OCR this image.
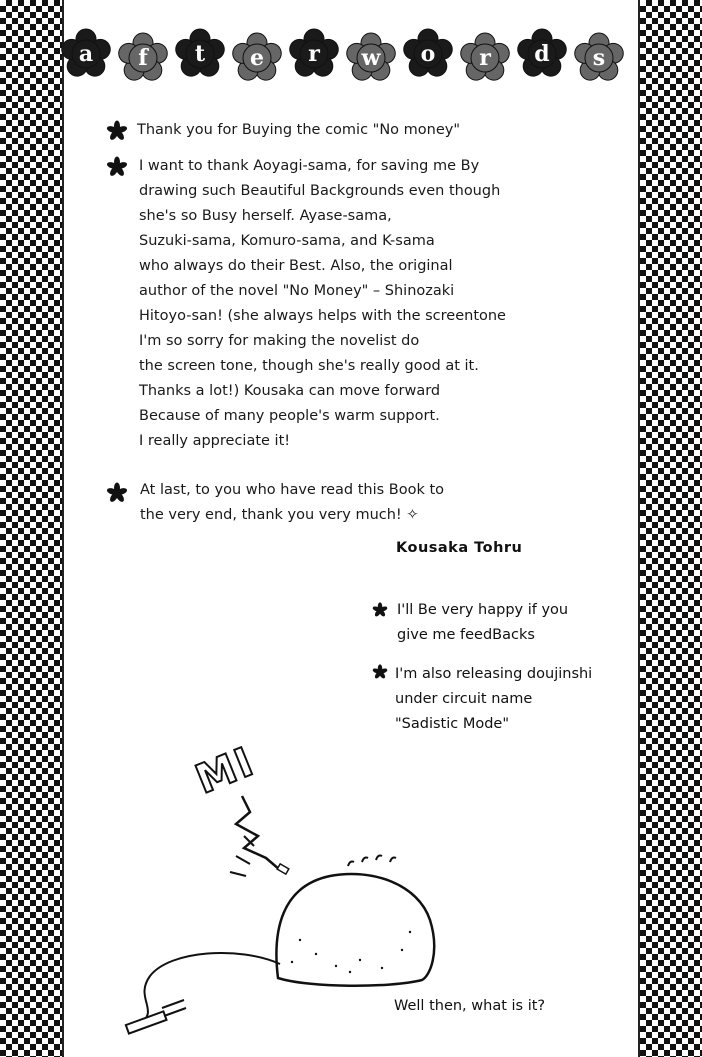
a	f	t	e	r	w	o	r	d	s
Thank you for Buying the comic "No money"
I want to thank Aoyagi-sama, for saving me By
drawing such Beautiful Backgrounds even though
she's so Busy herself. Ayase-sama,
Suzuki-sama, Komuro-sama, and K-sama
who always do their Best. Also, the original
author of the novel "No Money" – Shinozaki
Hitoyo-san! (she always helps with the screentone
I'm so sorry for making the novelist do
the screen tone, though she's really good at it.
Thanks a lot!) Kousaka can move forward
Because of many people's warm support.
I really appreciate it!
At last, to you who have read this Book to
the very end, thank you very much! ✧
Kousaka Tohru
I'll Be very happy if you
give me feedBacks
I'm also releasing doujinshi
under circuit name
"Sadistic Mode"
MI
Well then, what is it?
